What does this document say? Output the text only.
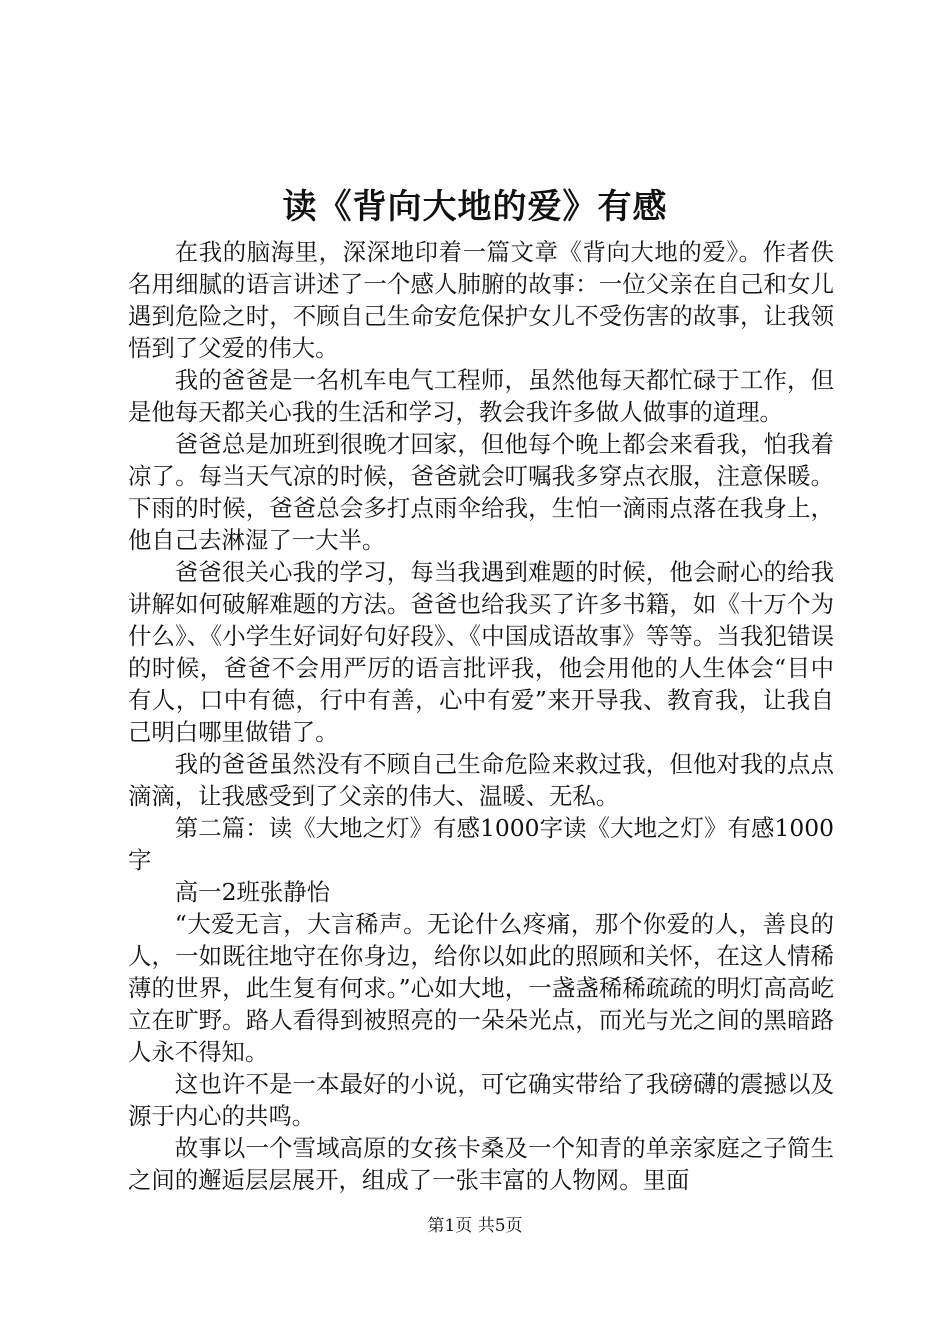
读《背向大地的爱》有感

在我的脑海里，深深地印着一篇文章《背向大地的爱》。作者佚名用细腻的语言讲述了一个感人肺腑的故事：一位父亲在自己和女儿遇到危险之时，不顾自己生命安危保护女儿不受伤害的故事，让我领悟到了父爱的伟大。

我的爸爸是一名机车电气工程师，虽然他每天都忙碌于工作，但是他每天都关心我的生活和学习，教会我许多做人做事的道理。

爸爸总是加班到很晚才回家，但他每个晚上都会来看我，怕我着凉了。每当天气凉的时候，爸爸就会叮嘱我多穿点衣服，注意保暖。下雨的时候，爸爸总会多打点雨伞给我，生怕一滴雨点落在我身上，他自己去淋湿了一大半。

爸爸很关心我的学习，每当我遇到难题的时候，他会耐心的给我讲解如何破解难题的方法。爸爸也给我买了许多书籍，如《十万个为什么》、《小学生好词好句好段》、《中国成语故事》等等。当我犯错误的时候，爸爸不会用严厉的语言批评我，他会用他的人生体会“目中有人，口中有德，行中有善，心中有爱”来开导我、教育我，让我自己明白哪里做错了。

我的爸爸虽然没有不顾自己生命危险来救过我，但他对我的点点滴滴，让我感受到了父亲的伟大、温暖、无私。

第二篇：读《大地之灯》有感1000字读《大地之灯》有感1000字

高一2班张静怡

“大爱无言，大言稀声。无论什么疼痛，那个你爱的人，善良的人，一如既往地守在你身边，给你以如此的照顾和关怀，在这人情稀薄的世界，此生复有何求。”心如大地，一盏盏稀稀疏疏的明灯高高屹立在旷野。路人看得到被照亮的一朵朵光点，而光与光之间的黑暗路人永不得知。

这也许不是一本最好的小说，可它确实带给了我磅礴的震撼以及源于内心的共鸣。

故事以一个雪域高原的女孩卡桑及一个知青的单亲家庭之子简生之间的邂逅层层展开，组成了一张丰富的人物网。里面

第1页 共5页
